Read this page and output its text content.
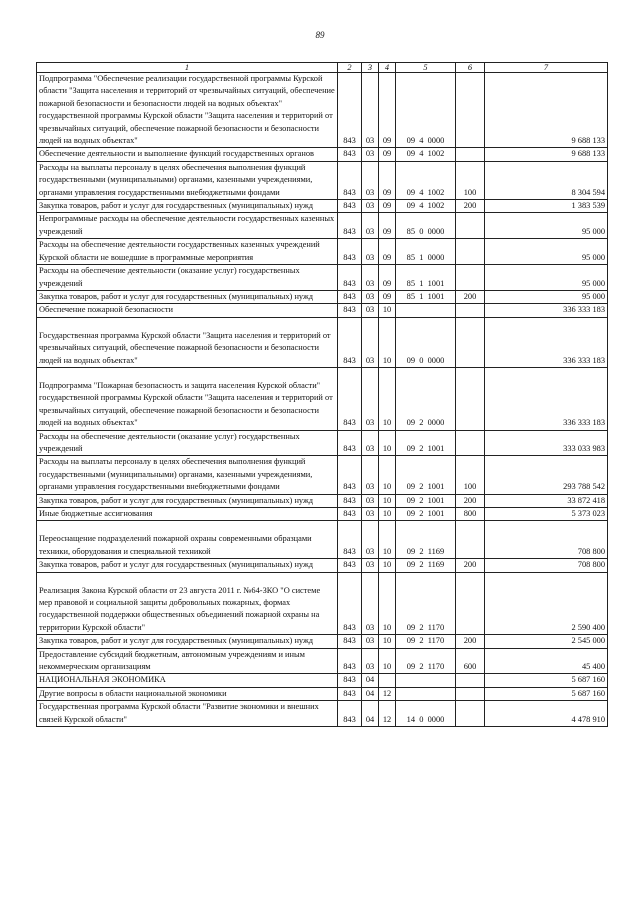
89
1	2	3	4	5	6	7
Подпрограмма "Обеспечение реализации государственной программы Курской области "Защита населения и территорий от чрезвычайных ситуаций, обеспечение пожарной безопасности и безопасности людей на водных объектах" государственной программы Курской области "Защита населения и территорий от чрезвычайных ситуаций, обеспечение пожарной безопасности и безопасности людей на водных объектах"	843	03	09	09  4  0000		9 688 133
Обеспечение деятельности и выполнение функций государственных органов	843	03	09	09  4  1002		9 688 133
Расходы на выплаты персоналу в целях обеспечения выполнения функций государственными (муниципальными) органами, казенными учреждениями, органами управления государственными внебюджетными фондами	843	03	09	09  4  1002	100	8 304 594
Закупка товаров, работ и услуг для государственных (муниципальных) нужд	843	03	09	09  4  1002	200	1 383 539
Непрограммные расходы на обеспечение деятельности государственных казенных учреждений	843	03	09	85  0  0000		95 000
Расходы на обеспечение деятельности государственных казенных учреждений Курской области не вошедшие в программные мероприятия	843	03	09	85  1  0000		95 000
Расходы на обеспечение деятельности (оказание услуг) государственных учреждений	843	03	09	85  1  1001		95 000
Закупка товаров, работ и услуг для государственных (муниципальных) нужд	843	03	09	85  1  1001	200	95 000
Обеспечение пожарной безопасности	843	03	10			336 333 183
Государственная программа Курской области "Защита населения и территорий от чрезвычайных ситуаций, обеспечение пожарной безопасности и безопасности людей на водных объектах"	843	03	10	09  0  0000		336 333 183
Подпрограмма "Пожарная безопасность и защита населения Курской области" государственной программы Курской области "Защита населения и территорий от чрезвычайных ситуаций, обеспечение пожарной безопасности и безопасности людей на водных объектах"	843	03	10	09  2  0000		336 333 183
Расходы на обеспечение деятельности (оказание услуг) государственных учреждений	843	03	10	09  2  1001		333 033 983
Расходы на выплаты персоналу в целях обеспечения выполнения функций государственными (муниципальными) органами, казенными учреждениями, органами управления государственными внебюджетными фондами	843	03	10	09  2  1001	100	293 788 542
Закупка товаров, работ и услуг для государственных (муниципальных) нужд	843	03	10	09  2  1001	200	33 872 418
Иные бюджетные ассигнования	843	03	10	09  2  1001	800	5 373 023
Переоснащение подразделений пожарной охраны современными образцами техники, оборудования и специальной техникой	843	03	10	09  2  1169		708 800
Закупка товаров, работ и услуг для государственных (муниципальных) нужд	843	03	10	09  2  1169	200	708 800
Реализация Закона Курской области от 23 августа 2011 г. №64-ЗКО "О системе мер правовой и социальной защиты добровольных пожарных, формах государственной поддержки общественных объединений пожарной охраны на территории Курской области"	843	03	10	09  2  1170		2 590 400
Закупка товаров, работ и услуг для государственных (муниципальных) нужд	843	03	10	09  2  1170	200	2 545 000
Предоставление субсидий бюджетным, автономным учреждениям и иным некоммерческим организациям	843	03	10	09  2  1170	600	45 400
НАЦИОНАЛЬНАЯ ЭКОНОМИКА	843	04				5 687 160
Другие вопросы в области национальной экономики	843	04	12			5 687 160
Государственная программа Курской области "Развитие экономики и внешних связей Курской области"	843	04	12	14  0  0000		4 478 910
